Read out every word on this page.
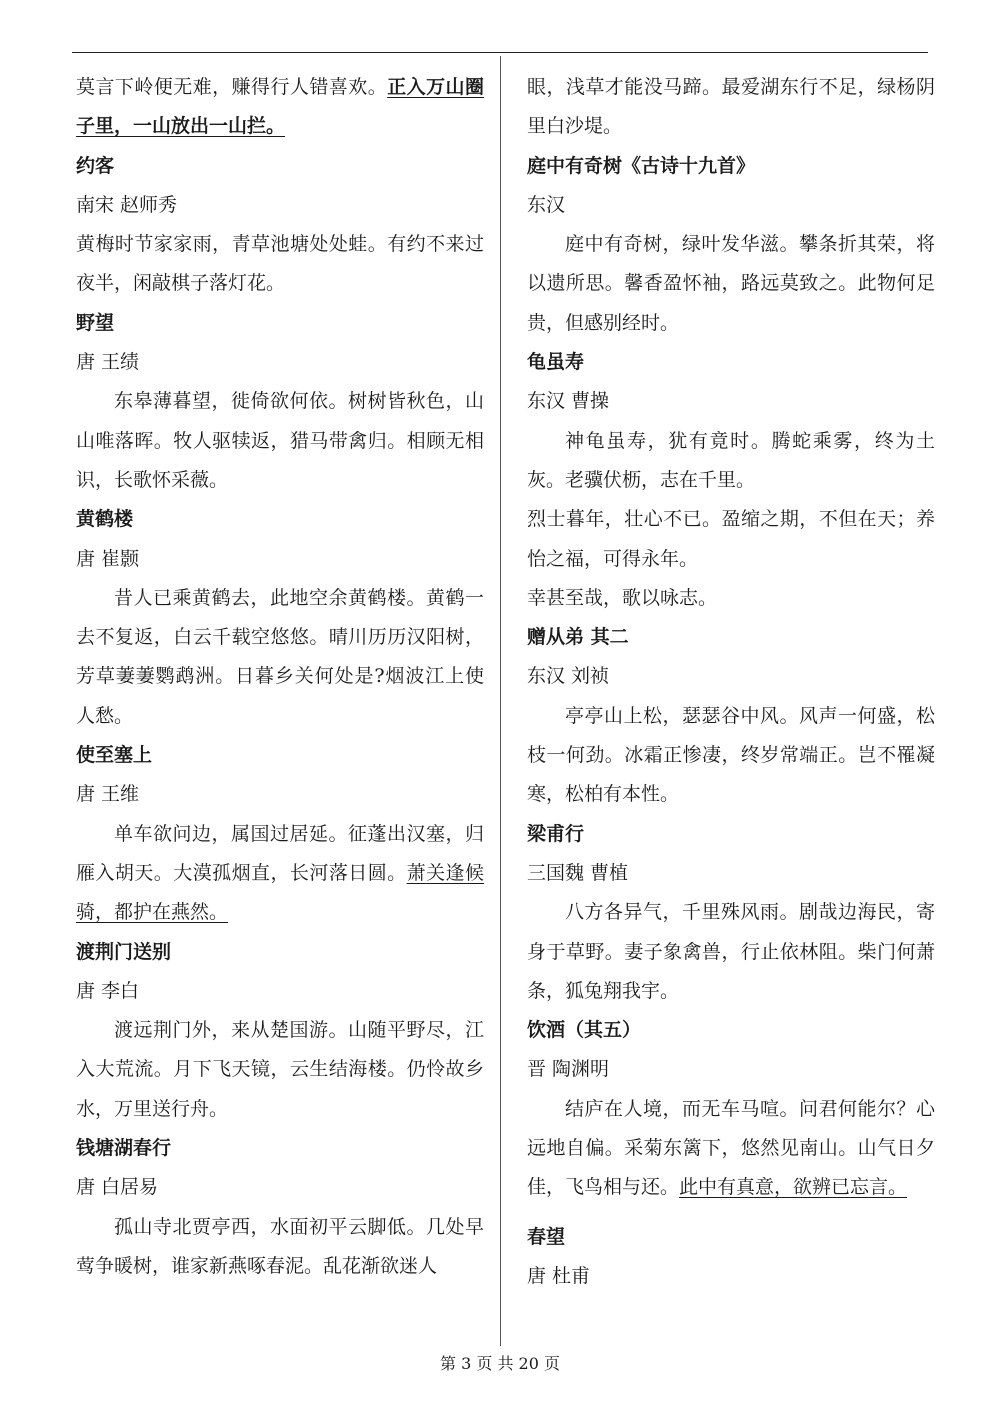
莫言下岭便无难，赚得行人错喜欢。正入万山圈子里，一山放出一山拦。

约客

南宋 赵师秀

黄梅时节家家雨，青草池塘处处蛙。有约不来过夜半，闲敲棋子落灯花。

野望

唐 王绩

东皋薄暮望，徙倚欲何依。树树皆秋色，山山唯落晖。牧人驱犊返，猎马带禽归。相顾无相识，长歌怀采薇。

黄鹤楼

唐 崔颢

昔人已乘黄鹤去，此地空余黄鹤楼。黄鹤一去不复返，白云千载空悠悠。晴川历历汉阳树，芳草萋萋鹦鹉洲。日暮乡关何处是?烟波江上使人愁。

使至塞上

唐 王维

单车欲问边，属国过居延。征蓬出汉塞，归雁入胡天。大漠孤烟直，长河落日圆。萧关逢候骑，都护在燕然。

渡荆门送别

唐 李白

渡远荆门外，来从楚国游。山随平野尽，江入大荒流。月下飞天镜，云生结海楼。仍怜故乡水，万里送行舟。

钱塘湖春行

唐 白居易

孤山寺北贾亭西，水面初平云脚低。几处早莺争暖树，谁家新燕啄春泥。乱花渐欲迷人

眼，浅草才能没马蹄。最爱湖东行不足，绿杨阴里白沙堤。

庭中有奇树《古诗十九首》

东汉

庭中有奇树，绿叶发华滋。攀条折其荣，将以遗所思。馨香盈怀袖，路远莫致之。此物何足贵，但感别经时。

龟虽寿

东汉 曹操

神龟虽寿，犹有竟时。腾蛇乘雾，终为土灰。老骥伏枥，志在千里。

烈士暮年，壮心不已。盈缩之期，不但在天；养怡之福，可得永年。

幸甚至哉，歌以咏志。

赠从弟 其二

东汉 刘祯

亭亭山上松，瑟瑟谷中风。风声一何盛，松枝一何劲。冰霜正惨凄，终岁常端正。岂不罹凝寒，松柏有本性。

梁甫行

三国魏 曹植

八方各异气，千里殊风雨。剧哉边海民，寄身于草野。妻子象禽兽，行止依林阻。柴门何萧条，狐兔翔我宇。

饮酒（其五）

晋 陶渊明

结庐在人境，而无车马喧。问君何能尔？心远地自偏。采菊东篱下，悠然见南山。山气日夕佳，飞鸟相与还。此中有真意，欲辨已忘言。

春望

唐 杜甫

第 3 页 共 20 页
